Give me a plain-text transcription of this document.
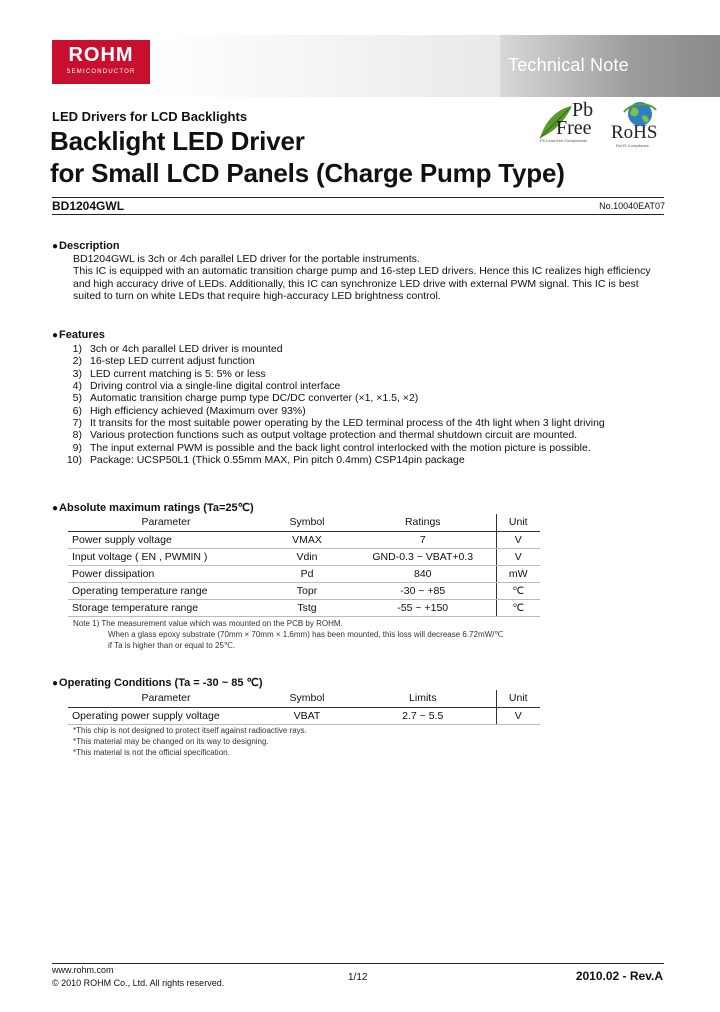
Technical Note
ROHM
SEMICONDUCTOR
Pb
Free
Pb Lead-free Components RoHS
RoHS Compliance
LED Drivers for LCD Backlights
Backlight LED Driver
for Small LCD Panels (Charge Pump Type)
BD1204GWL	No.10040EAT07
●Description
BD1204GWL is 3ch or 4ch parallel LED driver for the portable instruments.
This IC is equipped with an automatic transition charge pump and 16-step LED drivers. Hence this IC realizes high efficiency
and high accuracy drive of LEDs. Additionally, this IC can synchronize LED drive with external PWM signal. This IC is best
suited to turn on white LEDs that require high-accuracy LED brightness control.
●Features
1) 3ch or 4ch parallel LED driver is mounted
2) 16-step LED current adjust function
3) LED current matching is 5: 5% or less
4) Driving control via a single-line digital control interface
5) Automatic transition charge pump type DC/DC converter (×1, ×1.5, ×2)
6) High efficiency achieved (Maximum over 93%)
7) It transits for the most suitable power operating by the LED terminal process of the 4th light when 3 light driving
8) Various protection functions such as output voltage protection and thermal shutdown circuit are mounted.
9) The input external PWM is possible and the back light control interlocked with the motion picture is possible.
10) Package: UCSP50L1 (Thick 0.55mm MAX, Pin pitch 0.4mm) CSP14pin package
●Absolute maximum ratings (Ta=25℃)
Parameter	Symbol	Ratings	Unit
Power supply voltage	VMAX	7	V
Input voltage ( EN , PWMIN )	Vdin	GND-0.3 ~ VBAT+0.3	V
Power dissipation	Pd	840	mW
Operating temperature range	Topr	-30 ~ +85	℃
Storage temperature range	Tstg	-55 ~ +150	℃
Note 1) The measurement value which was mounted on the PCB by ROHM.
When a glass epoxy substrate (70mm × 70mm × 1.6mm) has been mounted, this loss will decrease 6.72mW/℃
if Ta is higher than or equal to 25℃.
●Operating Conditions (Ta = -30 ~ 85 ℃)
Parameter	Symbol	Limits	Unit
Operating power supply voltage	VBAT	2.7 ~ 5.5	V
*This chip is not designed to protect itself against radioactive rays.
*This material may be changed on its way to designing.
*This material is not the official specification.
www.rohm.com
© 2010 ROHM Co., Ltd. All rights reserved.	1/12	2010.02 - Rev.A
